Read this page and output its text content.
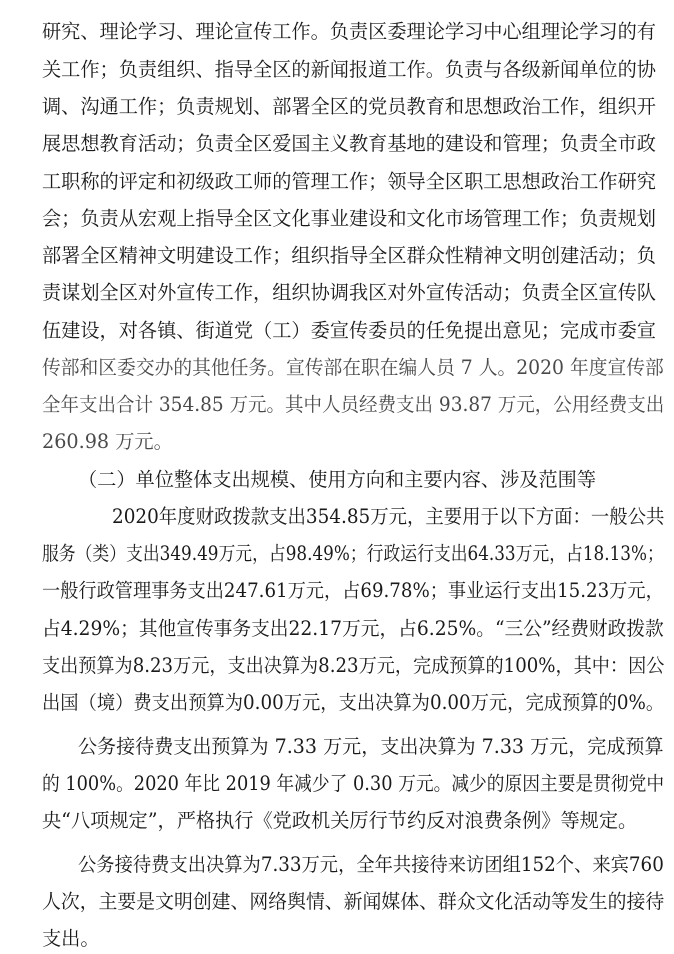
研究、理论学习、理论宣传工作。负责区委理论学习中心组理论学习的有
关工作；负责组织、指导全区的新闻报道工作。负责与各级新闻单位的协
调、沟通工作；负责规划、部署全区的党员教育和思想政治工作，组织开
展思想教育活动；负责全区爱国主义教育基地的建设和管理；负责全市政
工职称的评定和初级政工师的管理工作；领导全区职工思想政治工作研究
会；负责从宏观上指导全区文化事业建设和文化市场管理工作；负责规划
部署全区精神文明建设工作；组织指导全区群众性精神文明创建活动；负
责谋划全区对外宣传工作，组织协调我区对外宣传活动；负责全区宣传队
伍建设，对各镇、街道党（工）委宣传委员的任免提出意见；完成市委宣
传部和区委交办的其他任务。宣传部在职在编人员 7 人。2020 年度宣传部
全年支出合计 354.85 万元。其中人员经费支出 93.87 万元，公用经费支出
260.98 万元。
（二）单位整体支出规模、使用方向和主要内容、涉及范围等
2020年度财政拨款支出354.85万元，主要用于以下方面：一般公共
服务（类）支出349.49万元，占98.49%；行政运行支出64.33万元，占18.13%；
一般行政管理事务支出247.61万元，占69.78%；事业运行支出15.23万元，
占4.29%；其他宣传事务支出22.17万元，占6.25%。“三公”经费财政拨款
支出预算为8.23万元，支出决算为8.23万元，完成预算的100%，其中：因公
出国（境）费支出预算为0.00万元，支出决算为0.00万元，完成预算的0%。
公务接待费支出预算为 7.33 万元，支出决算为 7.33 万元，完成预算
的 100%。2020 年比 2019 年减少了 0.30 万元。减少的原因主要是贯彻党中
央“八项规定”，严格执行《党政机关厉行节约反对浪费条例》等规定。
公务接待费支出决算为7.33万元，全年共接待来访团组152个、来宾760
人次，主要是文明创建、网络舆情、新闻媒体、群众文化活动等发生的接待
支出。
